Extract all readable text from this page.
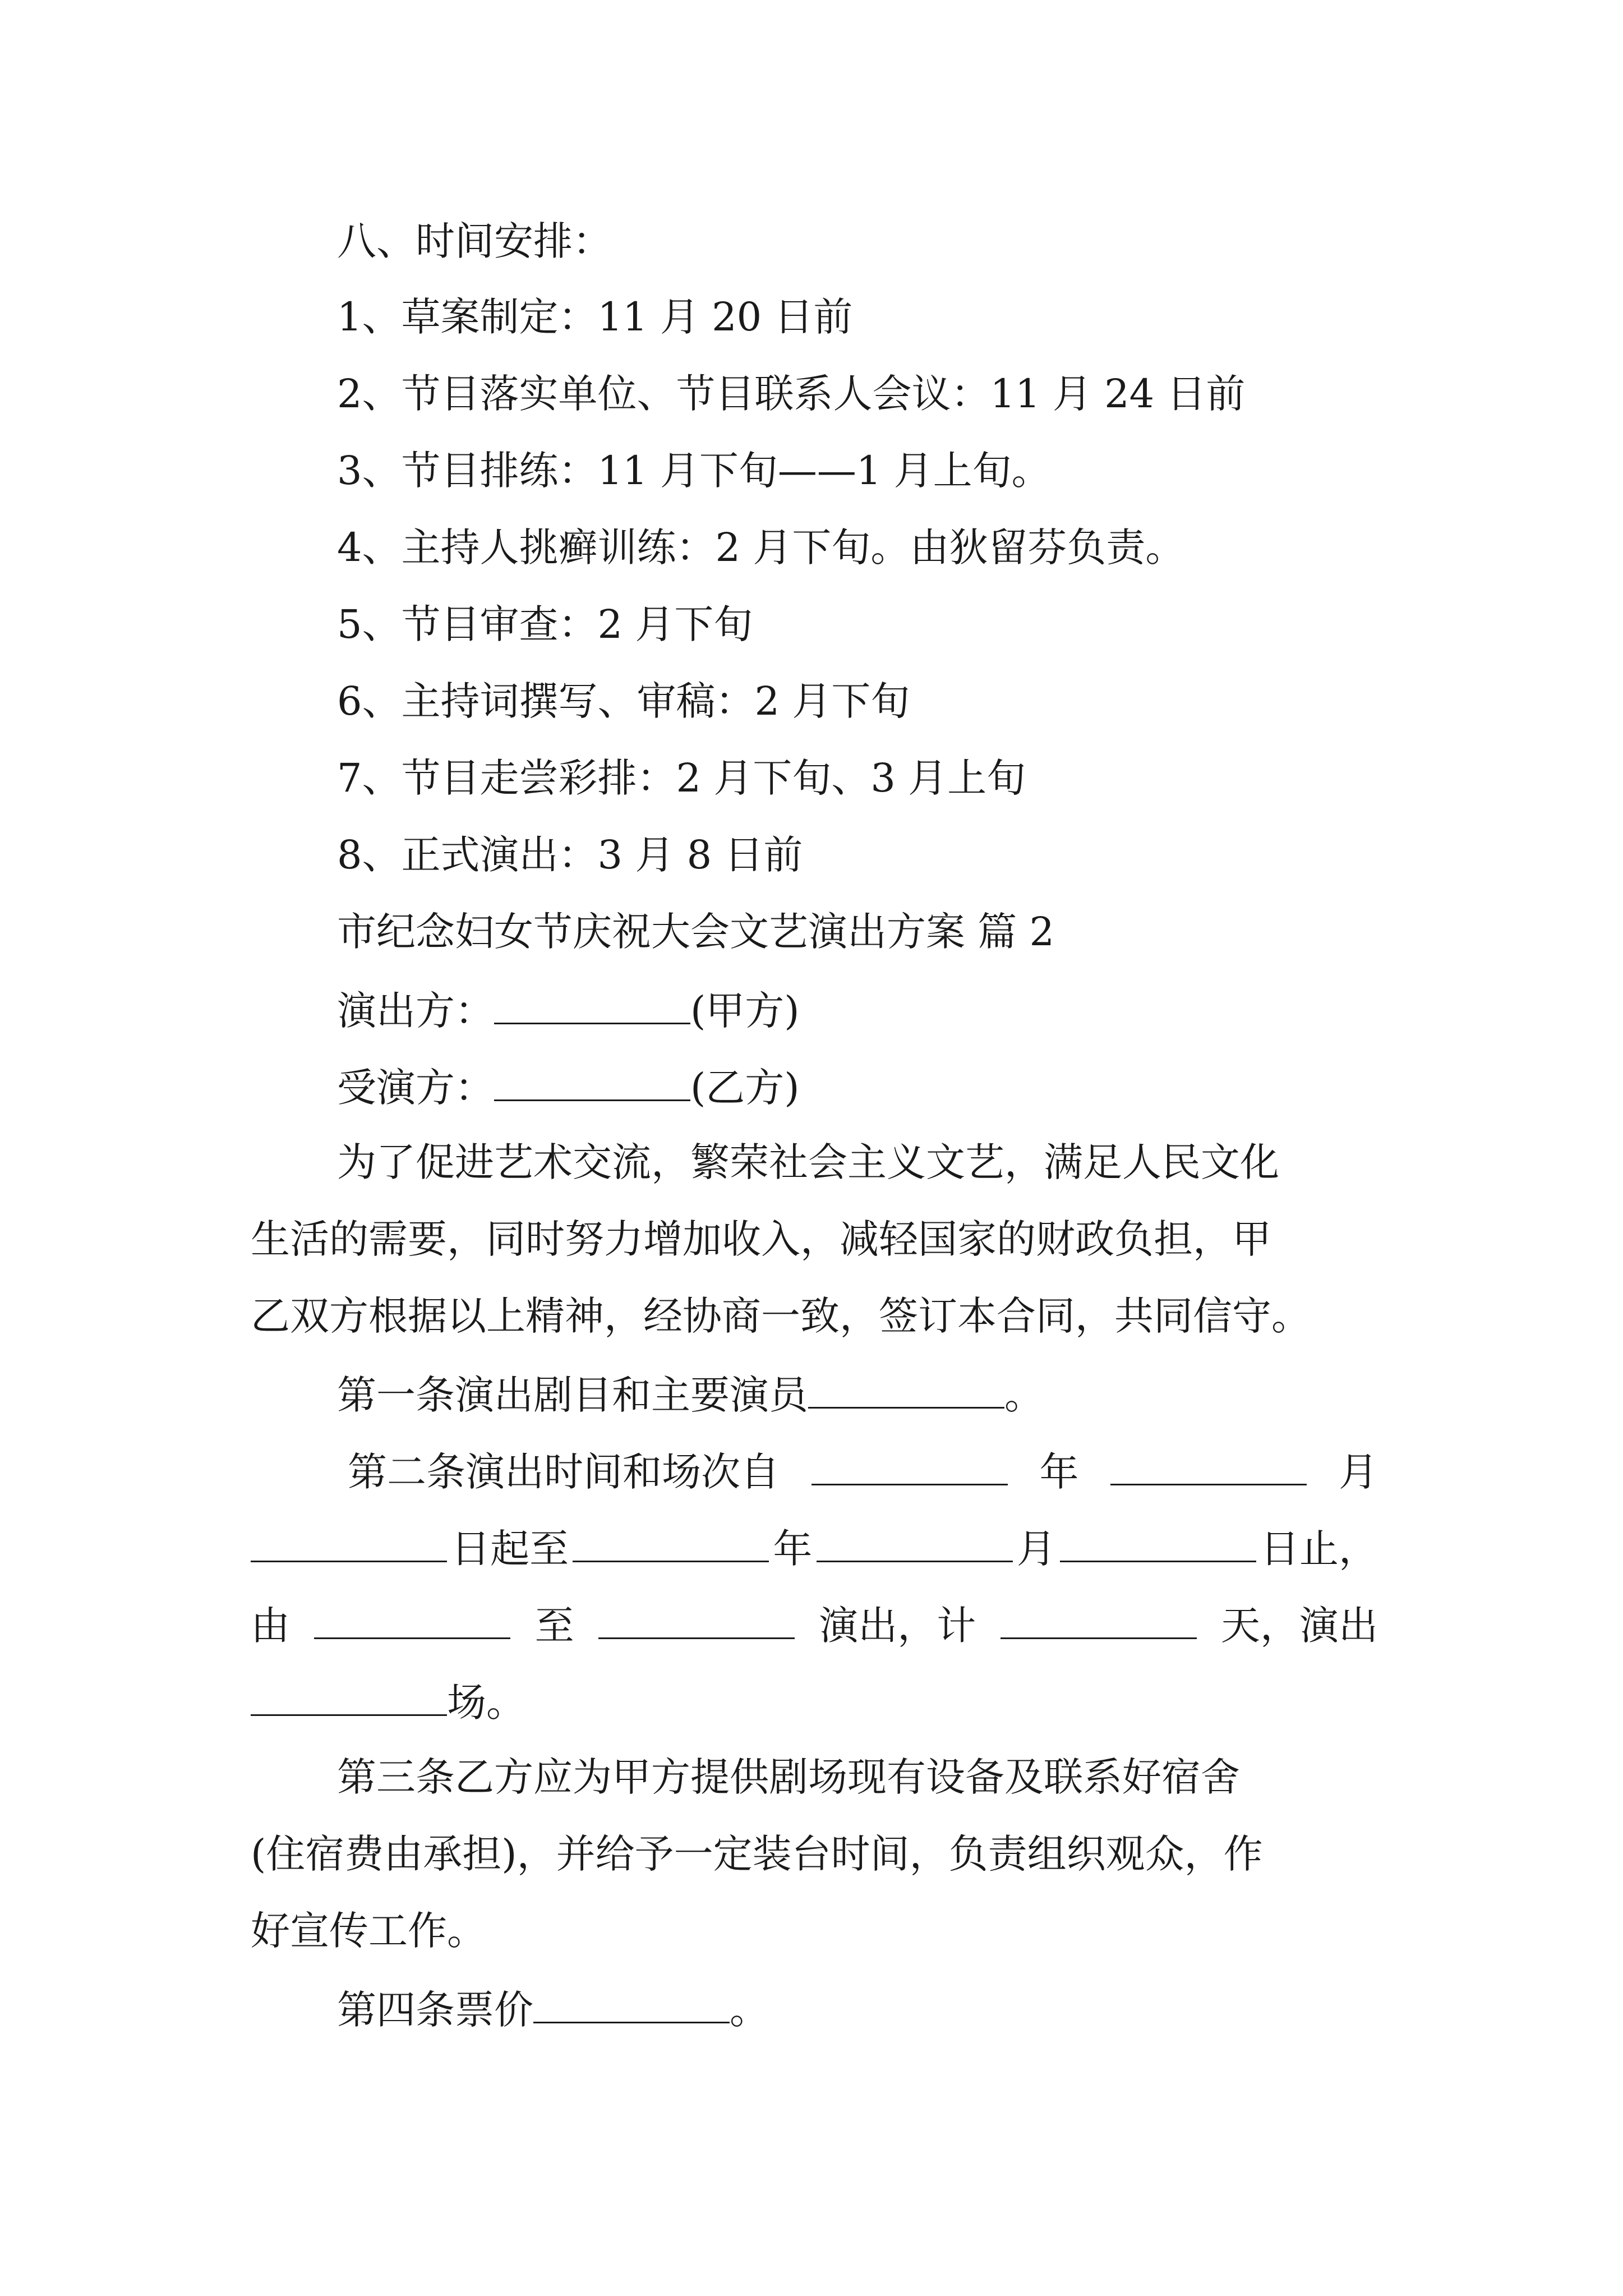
八、时间安排：
1、草案制定：11 月 20 日前
2、节目落实单位、节目联系人会议：11 月 24 日前
3、节目排练：11 月下旬——1 月上旬。
4、主持人挑癣训练：2 月下旬。由狄留芬负责。
5、节目审查：2 月下旬
6、主持词撰写、审稿：2 月下旬
7、节目走尝彩排：2 月下旬、3 月上旬
8、正式演出：3 月 8 日前
市纪念妇女节庆祝大会文艺演出方案 篇 2
演出方：	(甲方)
受演方：	(乙方)
为了促进艺术交流，繁荣社会主义文艺，满足人民文化
生活的需要，同时努力增加收入，减轻国家的财政负担，甲
乙双方根据以上精神，经协商一致，签订本合同，共同信守。
第一条演出剧目和主要演员	。
第二条演出时间和场次自	年	月
日起至	年	月	日止，
由	至	演出，计	天，演出
场。
第三条乙方应为甲方提供剧场现有设备及联系好宿舍
(住宿费由承担)，并给予一定装台时间，负责组织观众，作
好宣传工作。
第四条票价	。
